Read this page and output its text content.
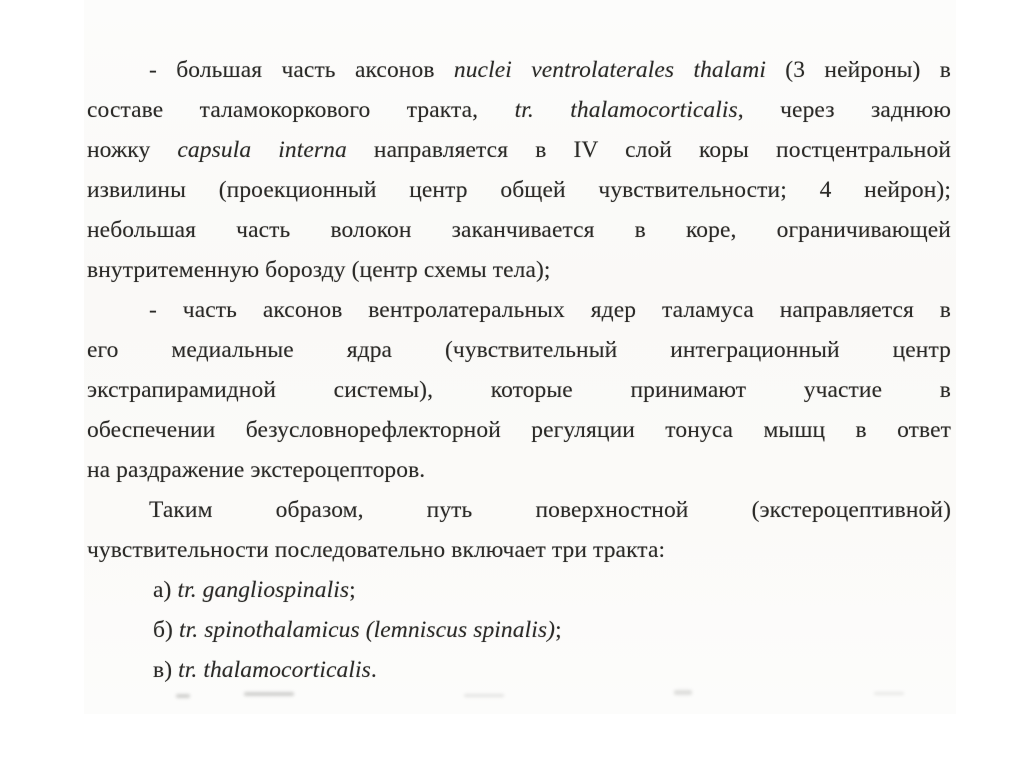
- большая часть аксонов nuclei ventrolaterales thalami (3 нейроны) в
составе таламокоркового тракта, tr. thalamocorticalis, через заднюю
ножку capsula interna направляется в IV слой коры постцентральной
извилины (проекционный центр общей чувствительности; 4 нейрон);
небольшая часть волокон заканчивается в коре, ограничивающей
внутритеменную борозду (центр схемы тела);
- часть аксонов вентролатеральных ядер таламуса направляется в
его медиальные ядра (чувствительный интеграционный центр
экстрапирамидной системы), которые принимают участие в
обеспечении безусловнорефлекторной регуляции тонуса мышц в ответ
на раздражение экстероцепторов.
Таким образом, путь поверхностной (экстероцептивной)
чувствительности последовательно включает три тракта:
а) tr. gangliospinalis;
б) tr. spinothalamicus (lemniscus spinalis);
в) tr. thalamocorticalis.
